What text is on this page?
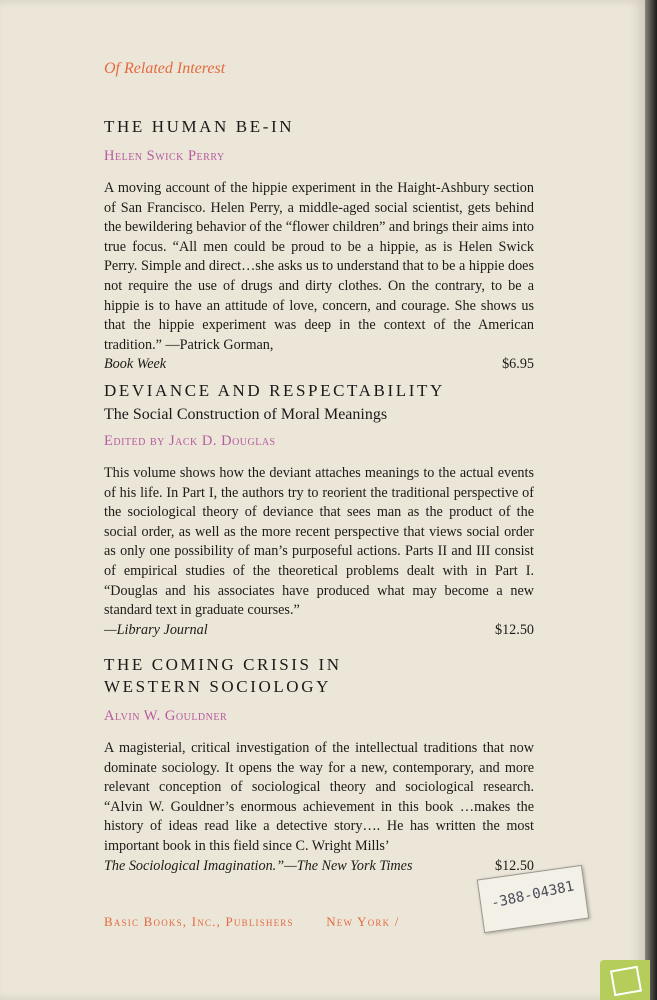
Of Related Interest
THE HUMAN BE-IN
Helen Swick Perry
A moving account of the hippie experiment in the Haight-Ashbury section of San Francisco. Helen Perry, a middle-aged social scientist, gets behind the bewildering behavior of the “flower children” and brings their aims into true focus. “All men could be proud to be a hippie, as is Helen Swick Perry. Simple and direct…she asks us to understand that to be a hippie does not require the use of drugs and dirty clothes. On the contrary, to be a hippie is to have an attitude of love, concern, and courage. She shows us that the hippie experiment was deep in the context of the American tradition.” —Patrick Gorman,
Book Week	$6.95
DEVIANCE AND RESPECTABILITY
The Social Construction of Moral Meanings
Edited by Jack D. Douglas
This volume shows how the deviant attaches meanings to the actual events of his life. In Part I, the authors try to reorient the traditional perspective of the sociological theory of deviance that sees man as the product of the social order, as well as the more recent perspective that views social order as only one possibility of man’s purposeful actions. Parts II and III consist of empirical studies of the theoretical problems dealt with in Part I. “Douglas and his associates have produced what may become a new standard text in graduate courses.”
—Library Journal	$12.50
THE COMING CRISIS IN
WESTERN SOCIOLOGY
Alvin W. Gouldner
A magisterial, critical investigation of the intellectual traditions that now dominate sociology. It opens the way for a new, contemporary, and more relevant conception of sociological theory and sociological research. “Alvin W. Gouldner’s enormous achievement in this book …makes the history of ideas read like a detective story…. He has written the most important book in this field since C. Wright Mills’
The Sociological Imagination.”—The New York Times	$12.50
Basic Books, Inc., Publishers New York /
-388-04381
